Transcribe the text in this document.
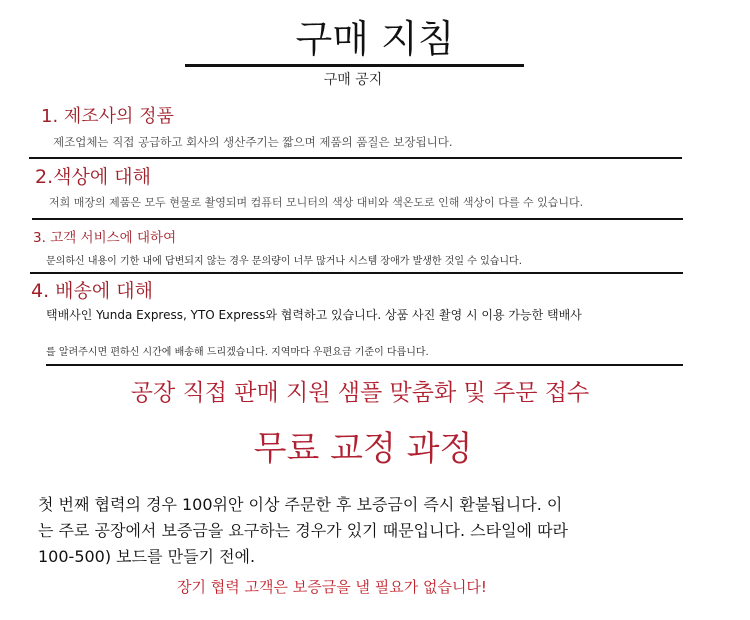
구매 지침
구매 공지
1. 제조사의 정품
제조업체는 직접 공급하고 회사의 생산주기는 짧으며 제품의 품질은 보장됩니다.
2.색상에 대해
저희 매장의 제품은 모두 현물로 촬영되며 컴퓨터 모니터의 색상 대비와 색온도로 인해 색상이 다를 수 있습니다.
3. 고객 서비스에 대하여
문의하신 내용이 기한 내에 답변되지 않는 경우 문의량이 너무 많거나 시스템 장애가 발생한 것일 수 있습니다.
4. 배송에 대해
택배사인 Yunda Express, YTO Express와 협력하고 있습니다. 상품 사진 촬영 시 이용 가능한 택배사
를 알려주시면 편하신 시간에 배송해 드리겠습니다. 지역마다 우편요금 기준이 다릅니다.
공장 직접 판매 지원 샘플 맞춤화 및 주문 접수
무료 교정 과정
첫 번째 협력의 경우 100위안 이상 주문한 후 보증금이 즉시 환불됩니다. 이
는 주로 공장에서 보증금을 요구하는 경우가 있기 때문입니다. 스타일에 따라
100-500) 보드를 만들기 전에.
장기 협력 고객은 보증금을 낼 필요가 없습니다!
